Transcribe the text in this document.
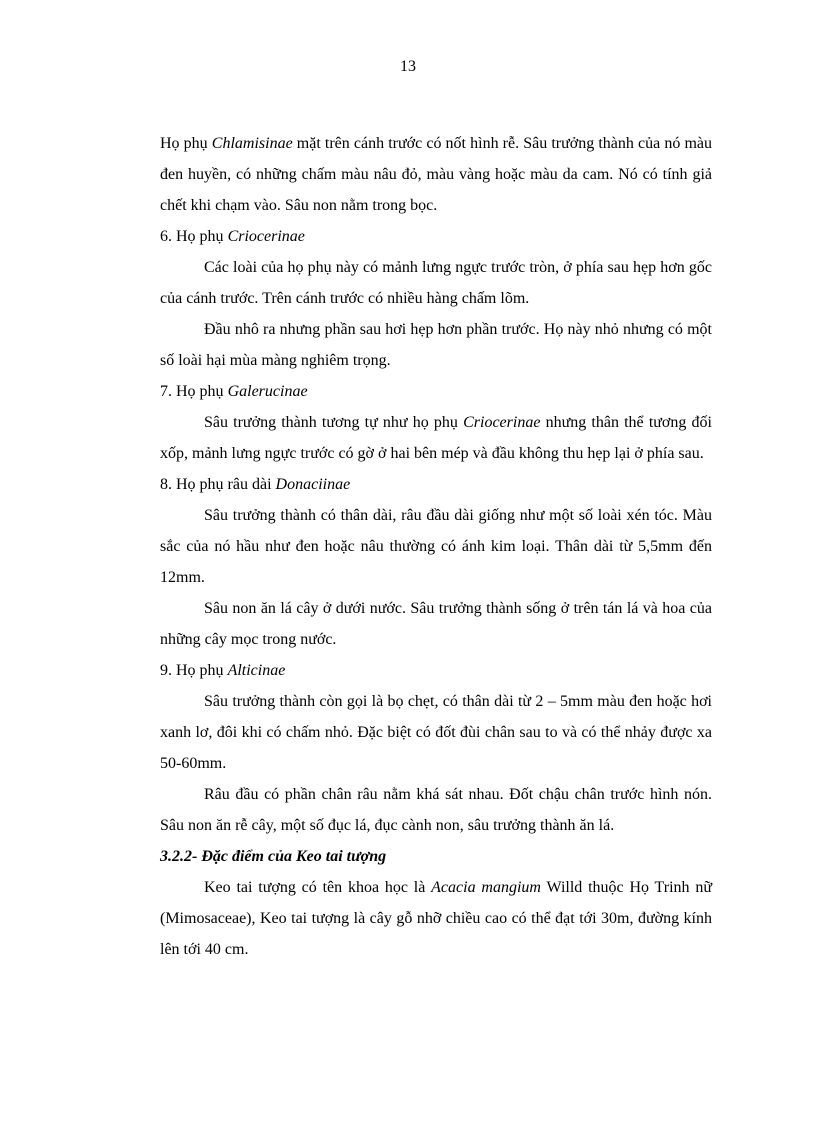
13

Họ phụ Chlamisinae mặt trên cánh trước có nốt hình rễ. Sâu trưởng thành của nó màu đen huyền, có những chấm màu nâu đỏ, màu vàng hoặc màu da cam. Nó có tính giả chết khi chạm vào. Sâu non nằm trong bọc.

6. Họ phụ Criocerinae

Các loài của họ phụ này có mảnh lưng ngực trước tròn, ở phía sau hẹp hơn gốc của cánh trước. Trên cánh trước có nhiều hàng chấm lõm.

Đầu nhô ra nhưng phần sau hơi hẹp hơn phần trước. Họ này nhỏ nhưng có một số loài hại mùa màng nghiêm trọng.

7. Họ phụ Galerucinae

Sâu trưởng thành tương tự như họ phụ Criocerinae nhưng thân thể tương đối xốp, mảnh lưng ngực trước có gờ ở hai bên mép và đầu không thu hẹp lại ở phía sau.

8. Họ phụ râu dài Donaciinae

Sâu trưởng thành có thân dài, râu đầu dài giống như một số loài xén tóc. Màu sắc của nó hầu như đen hoặc nâu thường có ánh kim loại. Thân dài từ 5,5mm đến 12mm.

Sâu non ăn lá cây ở dưới nước. Sâu trưởng thành sống ở trên tán lá và hoa của những cây mọc trong nước.

9. Họ phụ Alticinae

Sâu trưởng thành còn gọi là bọ chẹt, có thân dài từ 2 – 5mm màu đen hoặc hơi xanh lơ, đôi khi có chấm nhỏ. Đặc biệt có đốt đùi chân sau to và có thể nhảy được xa 50-60mm.

Râu đầu có phần chân râu nằm khá sát nhau. Đốt chậu chân trước hình nón. Sâu non ăn rễ cây, một số đục lá, đục cành non, sâu trưởng thành ăn lá.

3.2.2- Đặc điểm của Keo tai tượng

Keo tai tượng có tên khoa học là Acacia mangium Willd thuộc Họ Trinh nữ (Mimosaceae), Keo tai tượng là cây gỗ nhỡ chiều cao có thể đạt tới 30m, đường kính lên tới 40 cm.
